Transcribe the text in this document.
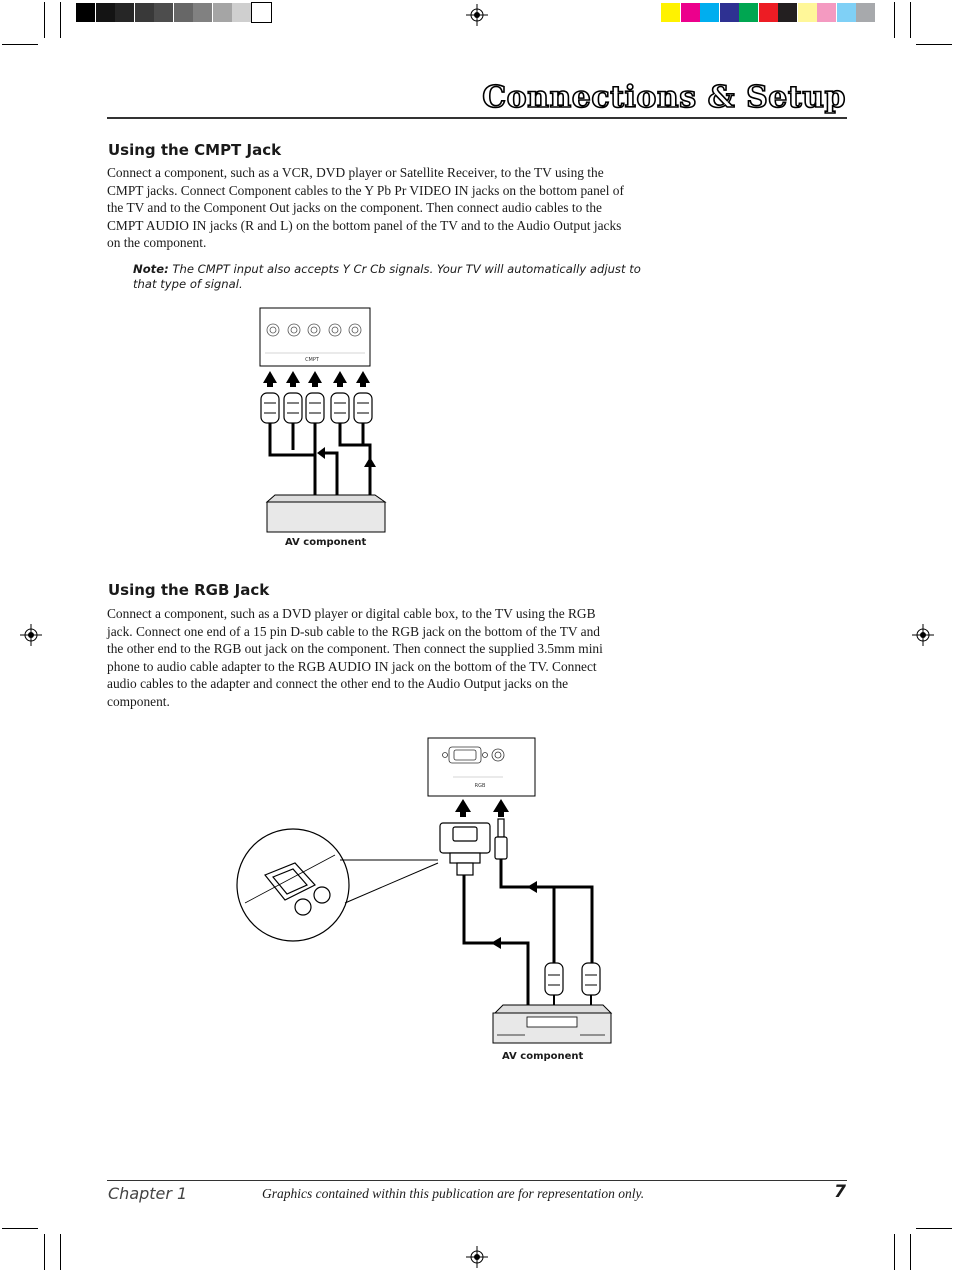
Connections & Setup
Using the CMPT Jack
Connect a component, such as a VCR, DVD player or Satellite Receiver, to the TV using the
CMPT jacks. Connect Component cables to the Y Pb Pr VIDEO IN jacks on the bottom panel of
the TV and to the Component Out jacks on the component. Then connect audio cables to the
CMPT AUDIO IN jacks (R and L) on the bottom panel of the TV and to the Audio Output jacks
on the component.
Note: The CMPT input also accepts Y Cr Cb signals. Your TV will automatically adjust to
that type of signal.
CMPT
AV component
Using the RGB Jack
Connect a component, such as a DVD player or digital cable box, to the TV using the RGB
jack. Connect one end of a 15 pin D-sub cable to the RGB jack on the bottom of the TV and
the other end to the RGB out jack on the component. Then connect the supplied 3.5mm mini
phone to audio cable adapter to the RGB AUDIO IN jack on the bottom of the TV. Connect
audio cables to the adapter and connect the other end to the Audio Output jacks on the
component.
RGB
AV component
Chapter 1	Graphics contained within this publication are for representation only.	7
